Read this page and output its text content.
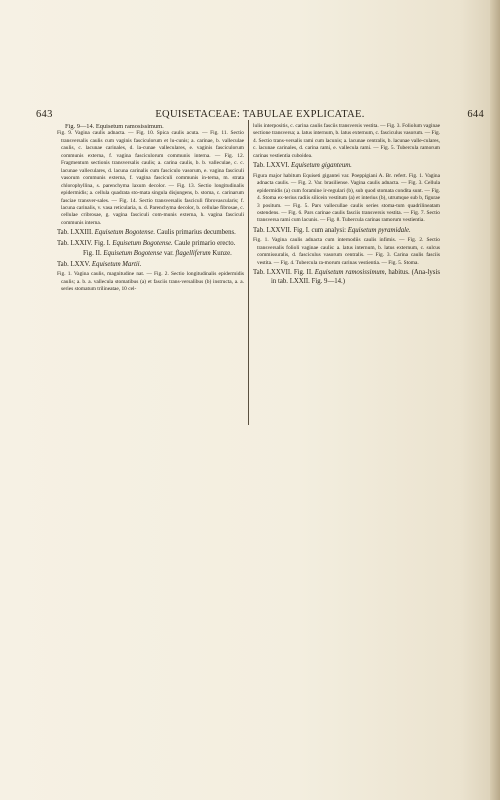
643	EQUISETACEAE: TABULAE EXPLICATAE.	644

Fig. 9—14. Equisetum ramosissimum.

Fig. 9. Vagina caulis adnacta. — Fig. 10. Spica caulis acuta. — Fig. 11. Sectio transversalis caulis cum vaginis fasciculorum et lu-cunis; a. carinae, b. valleculae caulis, c. lacunae carinales, d. la-cunae valleculares, e. vaginis fasciculorum communis externa, f. vagina fasciculorum communis interna. — Fig. 12. Fragmentum sectionis transversalis caulis; a. carina caulis, b. b. valleculae, c. c. lacunae valleculares, d. lacuna carinalis cum fasciculo vasorum, e. vagina fasciculi vasorum communis externa, f. vagina fasciculi communis in-terna, m. strata chlorophyllina, s. parenchyma laxum decolor. — Fig. 13. Sectio longitudinalis epidermidis; a. cellula quadrata sto-mata singula disjungens, b. stoma, c. carinarum fasciae transver-sales. — Fig. 14. Sectio transversalis fasciculi fibrovascularis; f. lacuna carinalis, v. vasa reticularia, n. d. Parenchyma decolor, b. cellulae fibrosae, c. cellulae cribrosae, g. vagina fasciculi com-munis externa, h. vagina fasciculi communis interna.

Tab. LXXIII. Equisetum Bogotense. Caulis primarius decumbens.

Tab. LXXIV. Fig. I. Equisetum Bogotense. Caule primario erecto.

Fig. II. Equisetum Bogotense var. flagelliferum Kunze.

Tab. LXXV. Equisetum Martii.

Fig. 1. Vagina caulis, magnitudine nat. — Fig. 2. Sectio longitudinalis epidermidis caulis; a. b. a. vallecula stomatibus (a) et fasciis trans-versalibus (b) instructa, a. a. series stomatum trilineatae, 10 cel-

lulis interpositis, c. carina caulis fasciis transversis vestita. — Fig. 3. Foliolum vaginae sectione transversa; a. latus internum, b. latus externum, c. fasciculus vasorum. — Fig. 4. Sectio trans-versalis rami cum lacunis; a. lacunae centralis, b. lacunae valle-culares, c. lacunae carinales, d. carina rami, e. vallecula rami. — Fig. 5. Tubercula ramorum carinas vestientia cuboidea.

Tab. LXXVI. Equisetum giganteum.

Figura major habitum Equiseti gigantei var. Poeppigiani A. Br. refert. Fig. 1. Vagina adnacta caulis. — Fig. 2. Var. brasiliense. Vagina caulis adnacta. — Fig. 3. Cellula epidermidis (a) cum foramine ir-regulari (b), sub quod stomata condita sunt. — Fig. 4. Stoma ex-terius radiis silicein vestitum (a) et interius (b), utrumque sub b, figurae 3 positum. — Fig. 5. Pars vallecullae caulis series stoma-tum quadrilineatam ostendens. — Fig. 6. Pars carinae caulis fasciis transversis vestita. — Fig. 7. Sectio transversa rami cum lacunis. — Fig. 8. Tubercula carinas ramorum vestientia.

Tab. LXXVII. Fig. I. cum analysi: Equisetum pyramidale.

Fig. 1. Vagina caulis adnacta cum internodiis caulis infimis. — Fig. 2. Sectio transversalis folioli vaginae caulis: a. latus internum, b. latus externum, c. sulcus commissuralis, d. fasciculus vasorum centralis. — Fig. 3. Carina caulis fasciis vestita. — Fig. 4. Tubercula ra-morum carinas vestientia. — Fig. 5. Stoma.

Tab. LXXVII. Fig. II. Equisetum ramosissimum, habitus. (Ana-lysis in tab. LXXII. Fig. 9—14.)
